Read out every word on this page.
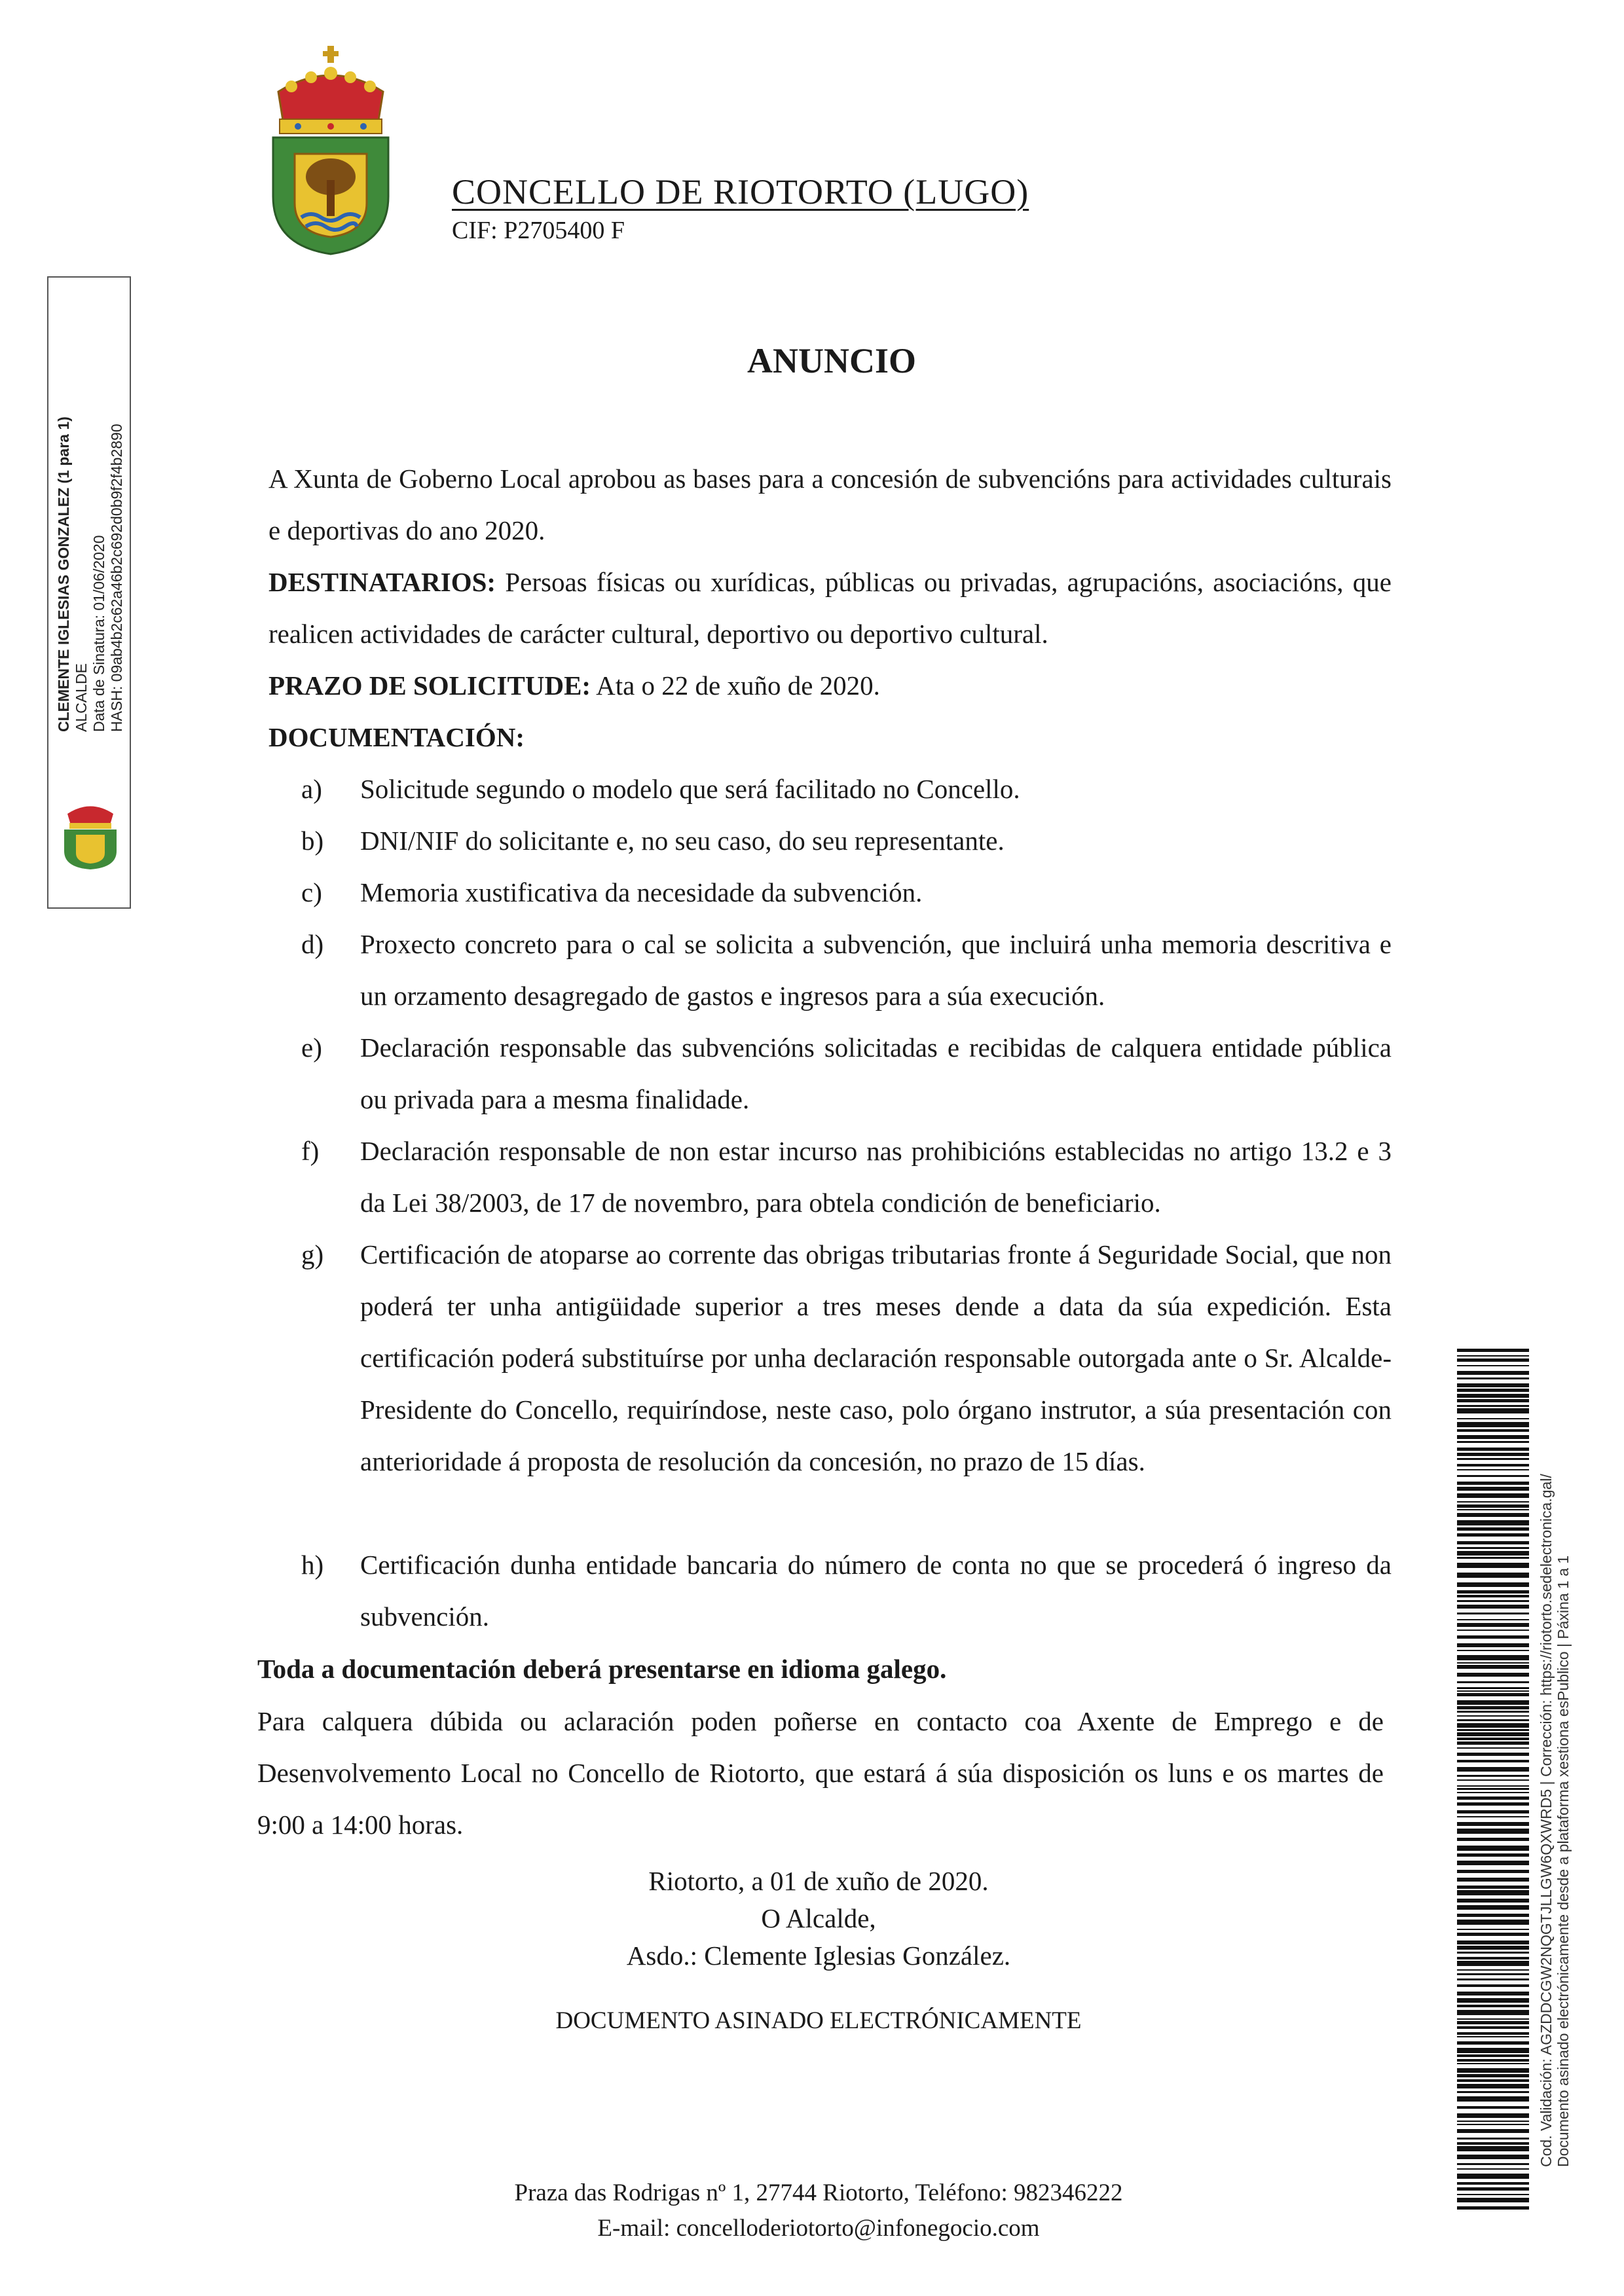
CONCELLO DE RIOTORTO (LUGO)
CIF: P2705400 F
ANUNCIO
CLEMENTE IGLESIAS GONZALEZ (1 para 1) ALCALDE Data de Sinatura: 01/06/2020 HASH: 09ab4b2c62a46b2c692d0b9f2f4b2890	A Xunta de Goberno Local aprobou as bases para a concesión de subvencións para actividades culturais e deportivas do ano 2020.
DESTINATARIOS: Persoas físicas ou xurídicas, públicas ou privadas, agrupacións, asociacións, que realicen actividades de carácter cultural, deportivo ou deportivo cultural.
PRAZO DE SOLICITUDE: Ata o 22 de xuño de 2020.
DOCUMENTACIÓN:
a)	Solicitude segundo o modelo que será facilitado no Concello.
b)	DNI/NIF do solicitante e, no seu caso, do seu representante.
c)	Memoria xustificativa da necesidade da subvención.
d)	Proxecto concreto para o cal se solicita a subvención, que incluirá unha memoria descritiva e un orzamento desagregado de gastos e ingresos para a súa execución.
e)	Declaración responsable das subvencións solicitadas e recibidas de calquera entidade pública ou privada para a mesma finalidade.
f)	Declaración responsable de non estar incurso nas prohibicións establecidas no artigo 13.2 e 3 da Lei 38/2003, de 17 de novembro, para obtela condición de beneficiario.
g)	Certificación de atoparse ao corrente das obrigas tributarias fronte á Seguridade Social, que non poderá ter unha antigüidade superior a tres meses dende a data da súa expedición. Esta certificación poderá substituírse por unha declaración responsable outorgada ante o Sr. Alcalde-Presidente do Concello, requiríndose, neste caso, polo órgano instrutor, a súa presentación con anterioridade á proposta de resolución da concesión, no prazo de 15 días.
h)	Certificación dunha entidade bancaria do número de conta no que se procederá ó ingreso da subvención.
Toda a documentación deberá presentarse en idioma galego.
Para calquera dúbida ou aclaración poden poñerse en contacto coa Axente de Emprego e de Desenvolvemento Local no Concello de Riotorto, que estará á súa disposición os luns e os martes de 9:00 a 14:00 horas.
Riotorto, a 01 de xuño de 2020.
O Alcalde,
Asdo.: Clemente Iglesias González.
DOCUMENTO ASINADO ELECTRÓNICAMENTE
Praza das Rodrigas nº 1, 27744 Riotorto, Teléfono: 982346222
E-mail: concelloderiotorto@infonegocio.com
Cod. Validación: AGZDDCGW2NQGTJLLGW6QXWRD5 | Corrección: https://riotorto.sedelectronica.gal/ Documento asinado electrónicamente desde a plataforma xestiona esPublico | Páxina 1 a 1
